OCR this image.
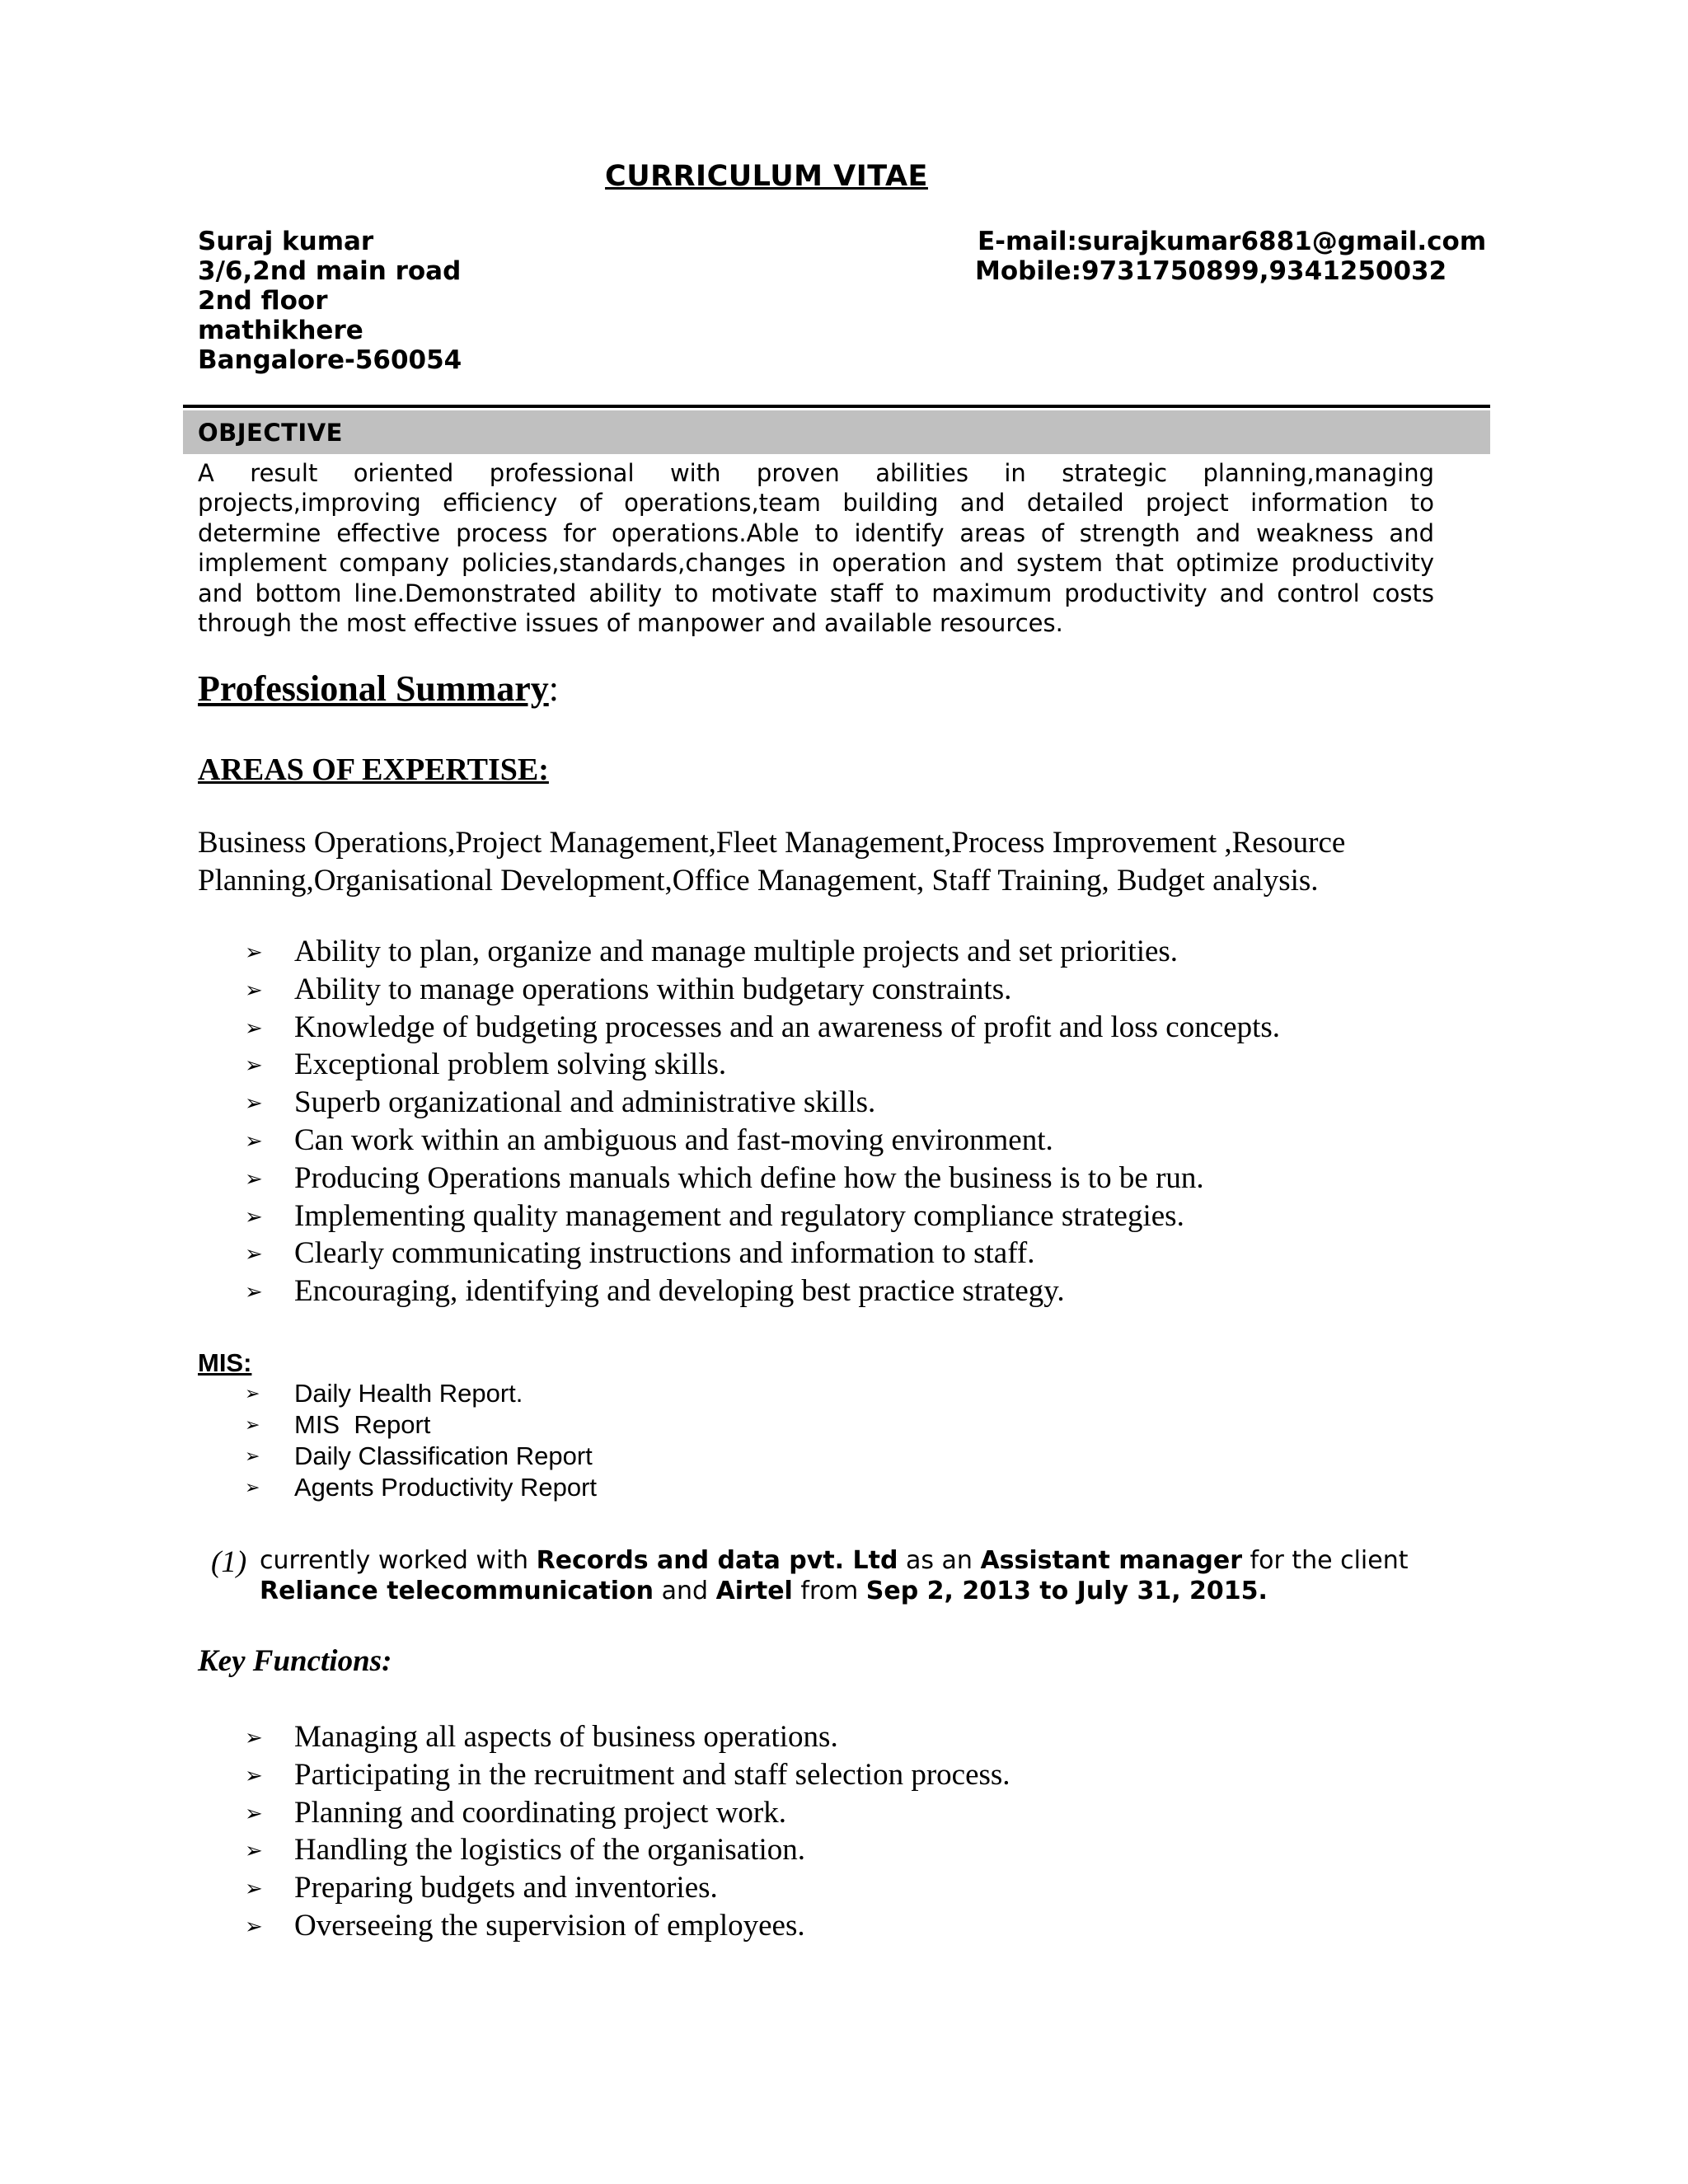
CURRICULUM VITAE
Suraj kumar
3/6,2nd main road
2nd floor
mathikhere
Bangalore-560054
E-mail:surajkumar6881@gmail.com
Mobile:9731750899,9341250032
OBJECTIVE
A result oriented professional with proven abilities in strategic planning,managing
projects,improving efficiency of operations,team building and detailed project information to
determine effective process for operations.Able to identify areas of strength and weakness and
implement company policies,standards,changes in operation and system that optimize productivity
and bottom line.Demonstrated ability to motivate staff to maximum productivity and control costs
through the most effective issues of manpower and available resources.
Professional Summary:
AREAS OF EXPERTISE:
Business Operations,Project Management,Fleet Management,Process Improvement ,Resource Planning,Organisational Development,Office Management, Staff Training, Budget analysis.
➢ Ability to plan, organize and manage multiple projects and set priorities.
➢ Ability to manage operations within budgetary constraints.
➢ Knowledge of budgeting processes and an awareness of profit and loss concepts.
➢ Exceptional problem solving skills.
➢ Superb organizational and administrative skills.
➢ Can work within an ambiguous and fast-moving environment.
➢ Producing Operations manuals which define how the business is to be run.
➢ Implementing quality management and regulatory compliance strategies.
➢ Clearly communicating instructions and information to staff.
➢ Encouraging, identifying and developing best practice strategy.
MIS:
➢ Daily Health Report.
➢ MIS  Report
➢ Daily Classification Report
➢ Agents Productivity Report
(1) currently worked with Records and data pvt. Ltd as an Assistant manager for the client
Reliance telecommunication and Airtel from Sep 2, 2013 to July 31, 2015.
Key Functions:
➢ Managing all aspects of business operations.
➢ Participating in the recruitment and staff selection process.
➢ Planning and coordinating project work.
➢ Handling the logistics of the organisation.
➢ Preparing budgets and inventories.
➢ Overseeing the supervision of employees.
